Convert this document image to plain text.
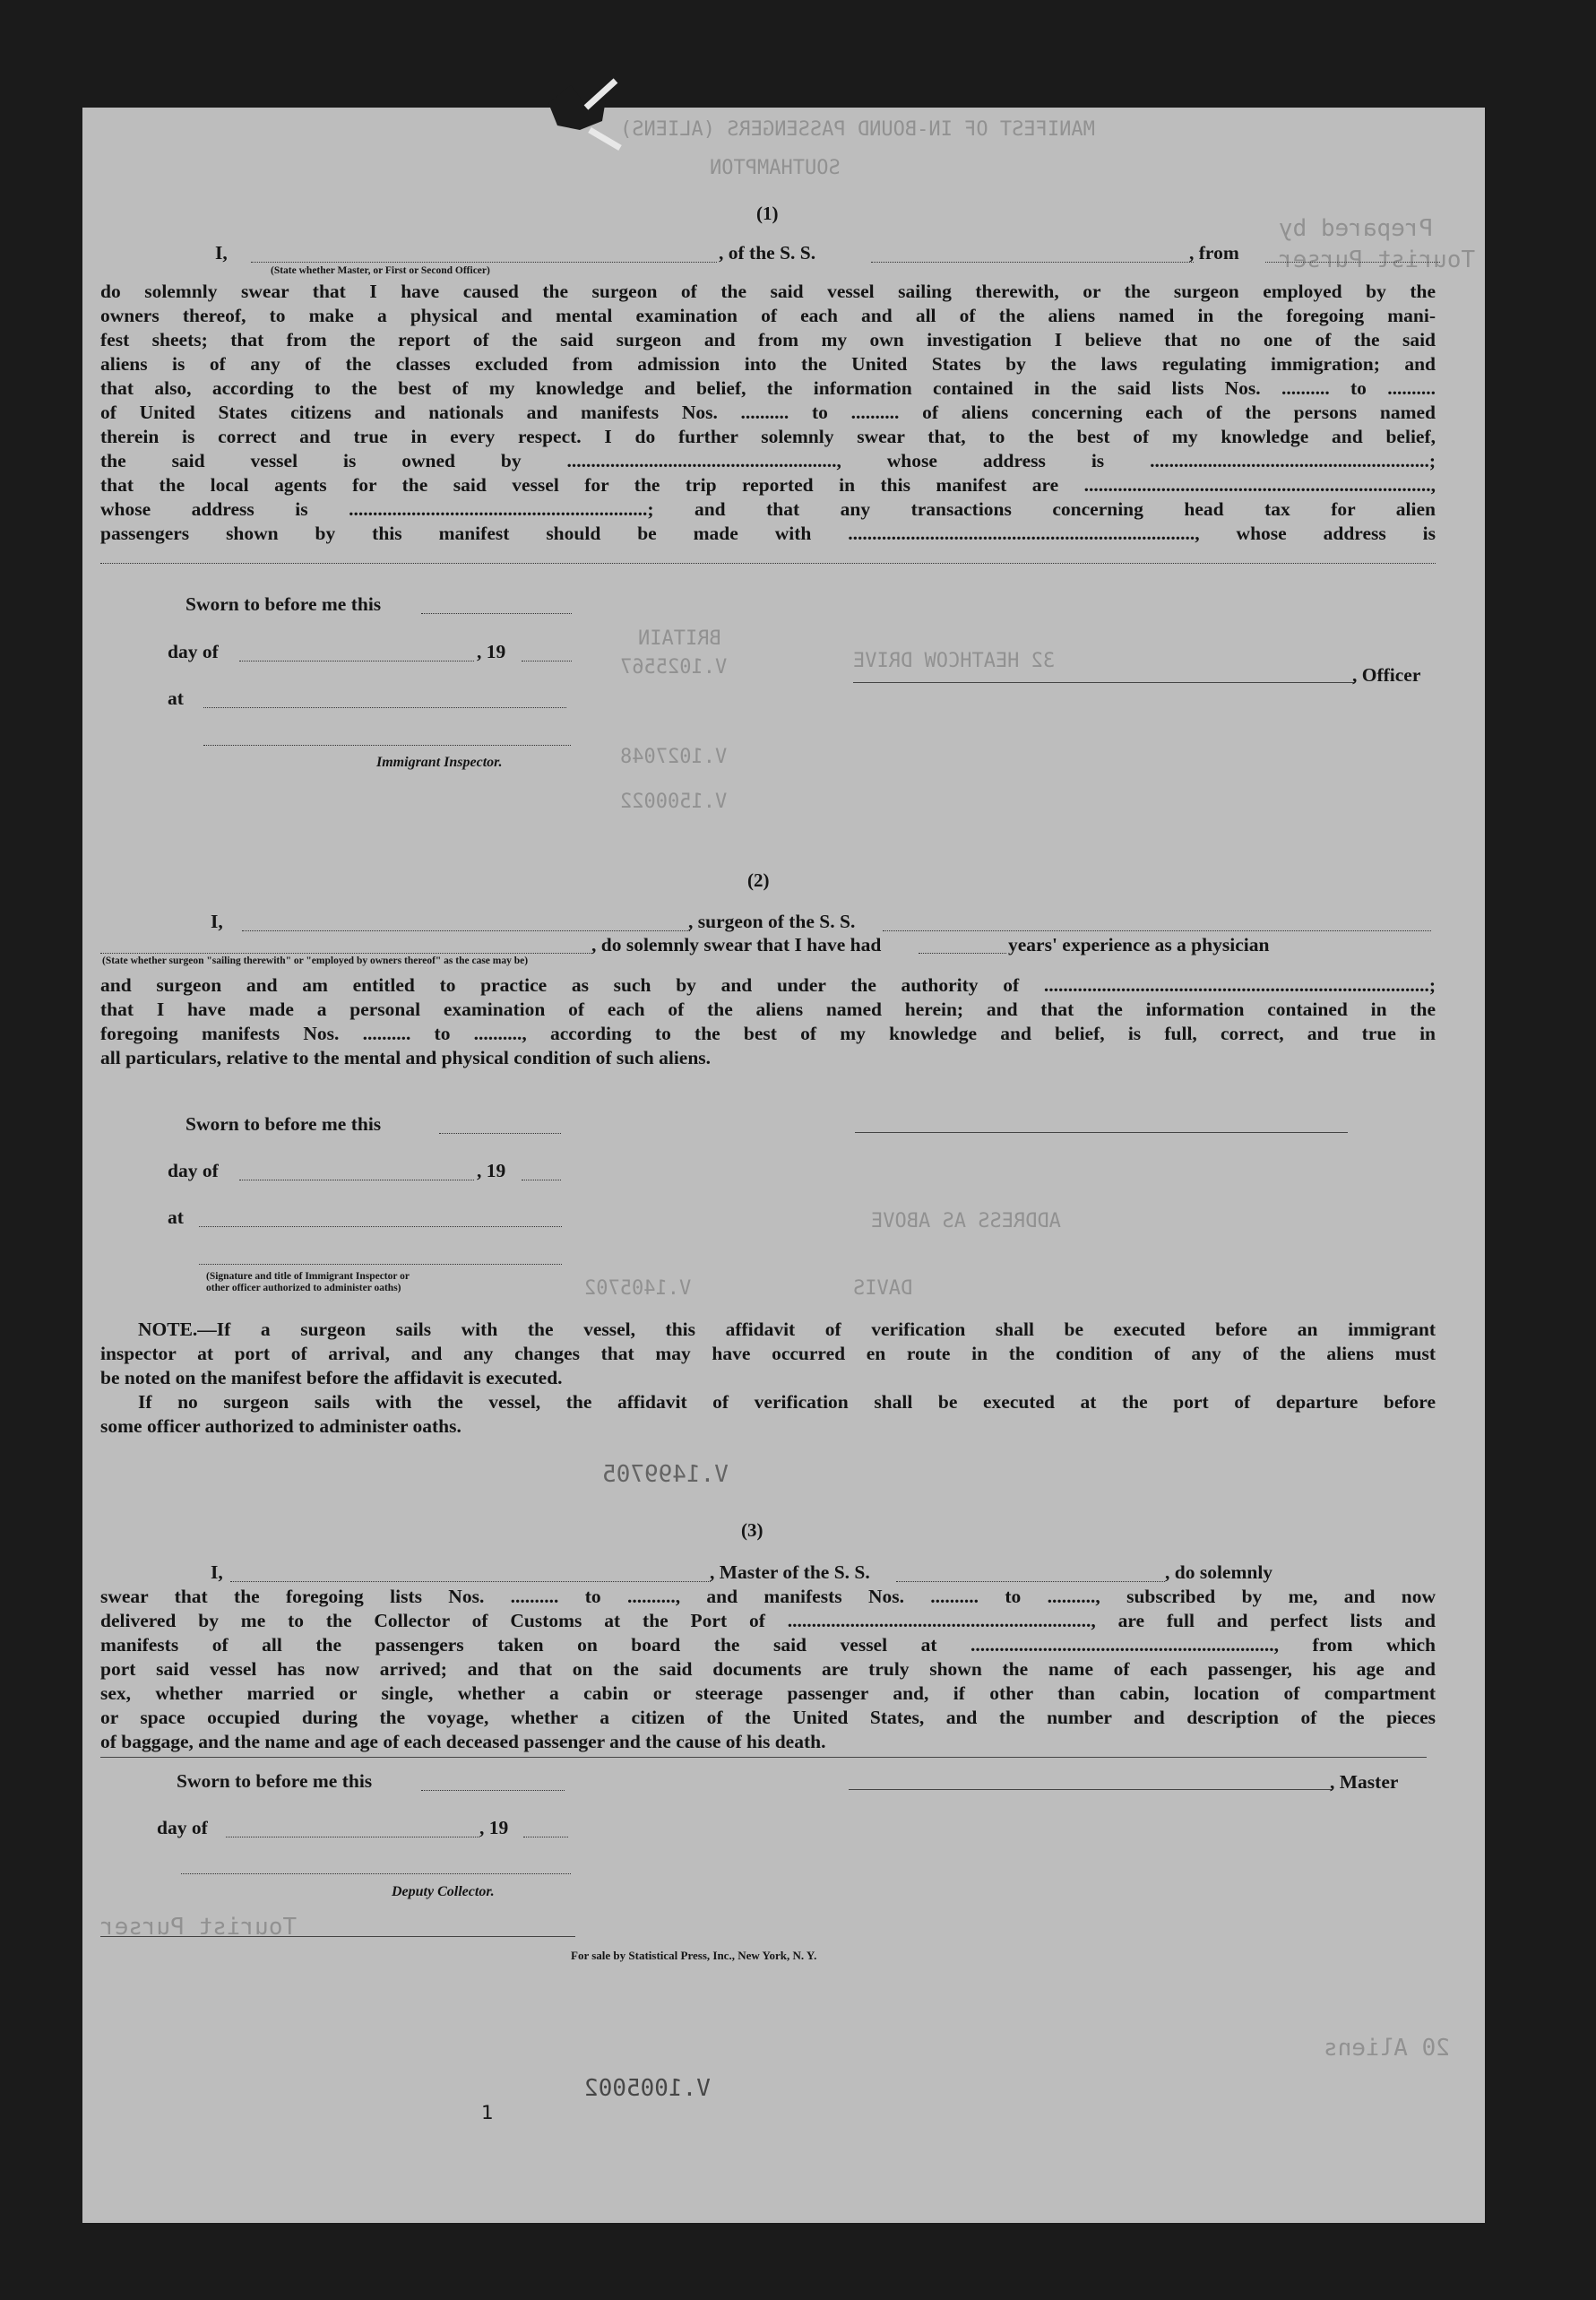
MANIFEST OF IN-BOUND PASSENGERS (ALIENS)
Prepared by
Tourist Purser
SOUTHAMPTON
BRITAIN
V.1025567
V.1027048
V.1500022
ADDRESS AS ABOVE
32 HEATHCOW DRIVE
V.1405702
V.1499705
DAVIS
Tourist Purser
V.1005002
20 Aliens
(1)
I,	, of the S. S.	, from
(State whether Master, or First or Second Officer)

do solemnly swear that I have caused the surgeon of the said vessel sailing therewith, or the surgeon employed by the

owners thereof, to make a physical and mental examination of each and all of the aliens named in the foregoing mani-

fest sheets; that from the report of the said surgeon and from my own investigation I believe that no one of the said

aliens is of any of the classes excluded from admission into the United States by the laws regulating immigration; and

that also, according to the best of my knowledge and belief, the information contained in the said lists Nos. .......... to ..........

of United States citizens and nationals and manifests Nos. .......... to .......... of aliens concerning each of the persons named

therein is correct and true in every respect. I do further solemnly swear that, to the best of my knowledge and belief,

the said vessel is owned by ........................................................, whose address is ..........................................................;

that the local agents for the said vessel for the trip reported in this manifest are ........................................................................,

whose address is ..............................................................; and that any transactions concerning head tax for alien

passengers shown by this manifest should be made with ........................................................................, whose address is

Sworn to before me this
day of	, 19
at
Immigrant Inspector.
, Officer
(2)
I,	, surgeon of the S. S.
, do solemnly swear that I have had	years' experience as a physician
(State whether surgeon "sailing therewith" or "employed by owners thereof" as the case may be)

and surgeon and am entitled to practice as such by and under the authority of ................................................................................;

that I have made a personal examination of each of the aliens named herein; and that the information contained in the

foregoing manifests Nos. .......... to .........., according to the best of my knowledge and belief, is full, correct, and true in

all particulars, relative to the mental and physical condition of such aliens.

Sworn to before me this
day of	, 19
at
(Signature and title of Immigrant Inspector or
other officer authorized to administer oaths)

NOTE.—If a surgeon sails with the vessel, this affidavit of verification shall be executed before an immigrant

inspector at port of arrival, and any changes that may have occurred en route in the condition of any of the aliens must

be noted on the manifest before the affidavit is executed.

If no surgeon sails with the vessel, the affidavit of verification shall be executed at the port of departure before

some officer authorized to administer oaths.

(3)
I,	, Master of the S. S.	, do solemnly

swear that the foregoing lists Nos. .......... to .........., and manifests Nos. .......... to .........., subscribed by me, and now

delivered by me to the Collector of Customs at the Port of ..............................................................., are full and perfect lists and

manifests of all the passengers taken on board the said vessel at ..............................................................., from which

port said vessel has now arrived; and that on the said documents are truly shown the name of each passenger, his age and

sex, whether married or single, whether a cabin or steerage passenger and, if other than cabin, location of compartment

or space occupied during the voyage, whether a citizen of the United States, and the number and description of the pieces

of baggage, and the name and age of each deceased passenger and the cause of his death.

Sworn to before me this	, Master
day of	, 19
Deputy Collector.
For sale by Statistical Press, Inc., New York, N. Y.
1
